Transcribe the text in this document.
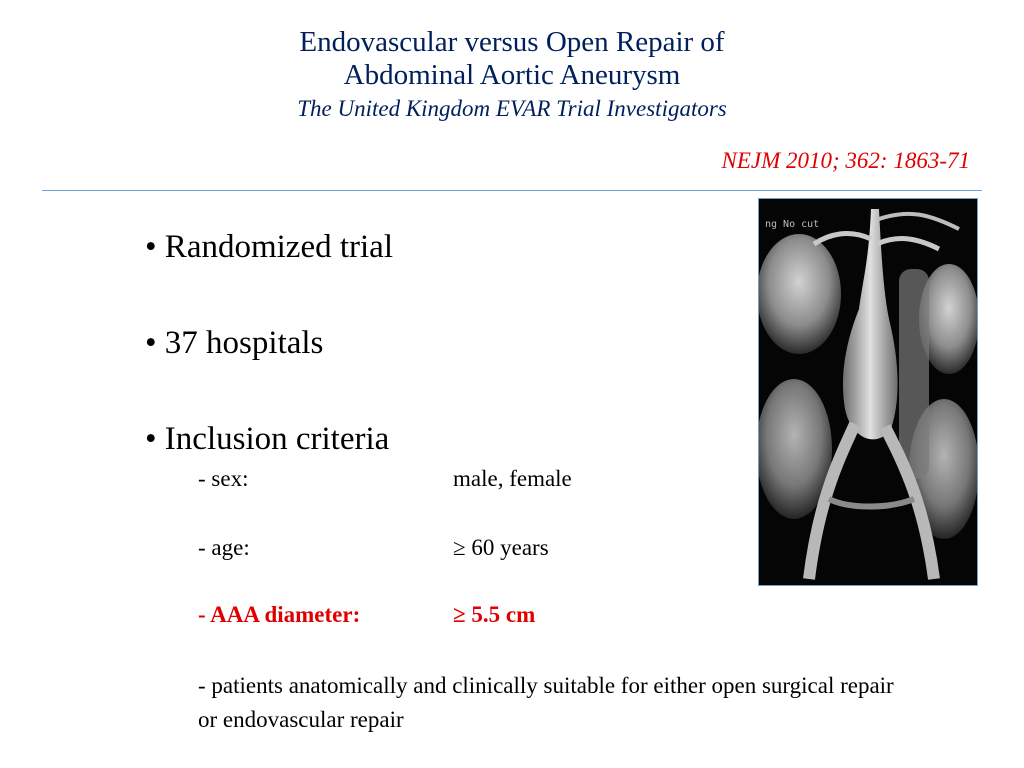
Endovascular versus Open Repair of
Abdominal Aortic Aneurysm
The United Kingdom EVAR Trial Investigators
NEJM 2010; 362: 1863-71
• Randomized trial
• 37 hospitals
• Inclusion criteria
- sex:	male, female
- age:	≥ 60 years
- AAA diameter:	≥ 5.5 cm
- patients anatomically and clinically suitable for either open surgical repair or endovascular repair
ng No cut
